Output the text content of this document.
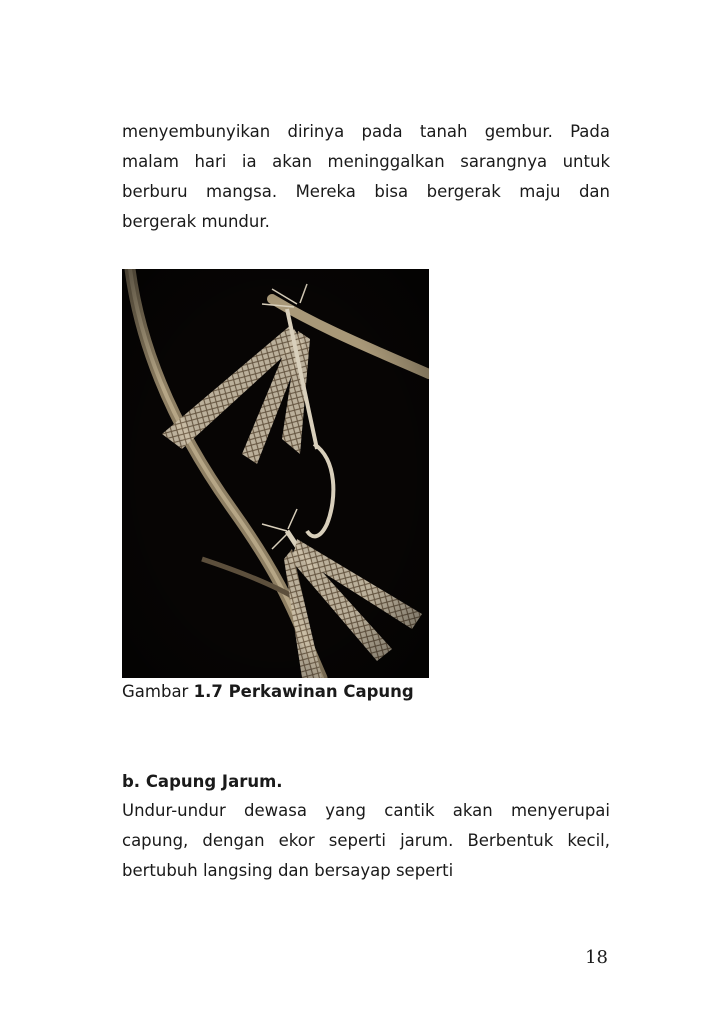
menyembunyikan dirinya pada tanah gembur. Pada malam hari ia akan meninggalkan sarangnya untuk berburu mangsa. Mereka bisa bergerak maju dan bergerak mundur.

Gambar 1.7 Perkawinan Capung
b. Capung Jarum.

Undur-undur dewasa yang cantik akan menyerupai capung, dengan ekor seperti jarum. Berbentuk kecil, bertubuh langsing dan bersayap seperti

18
